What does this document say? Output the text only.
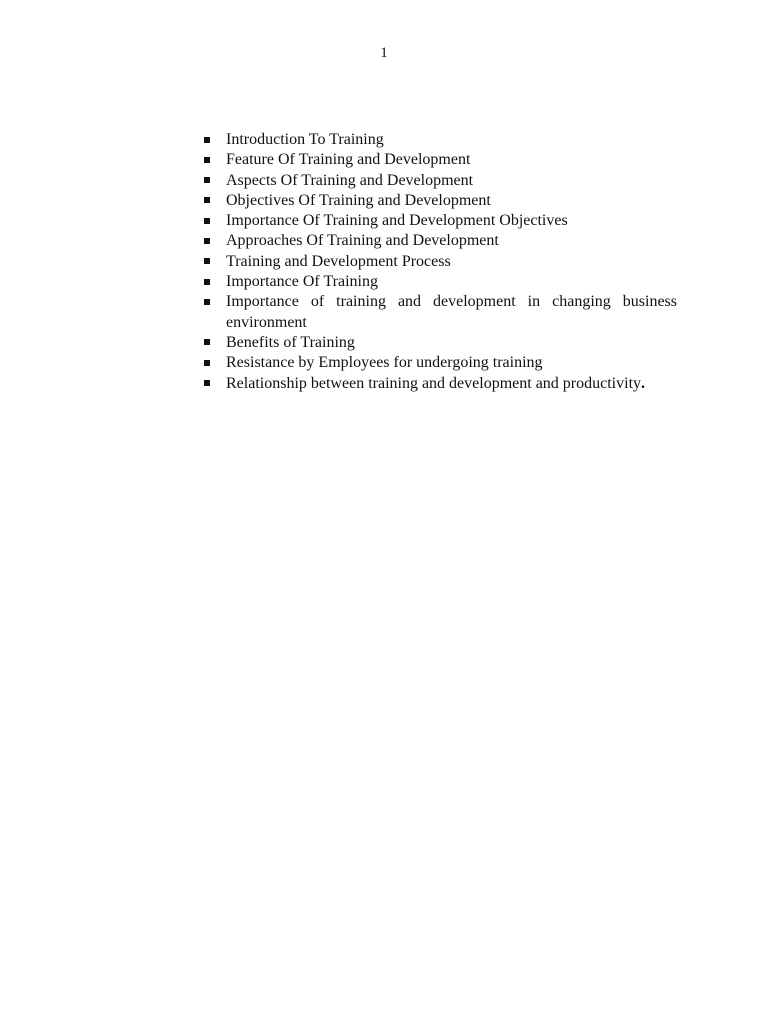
1
Introduction To Training
Feature Of Training and Development
Aspects Of Training and Development
Objectives Of Training and Development
Importance Of Training and Development Objectives
Approaches Of Training and Development
Training and Development Process
Importance Of Training
Importance of training and development in changing business environment
Benefits of Training
Resistance by Employees for undergoing training
Relationship between training and development and productivity.
